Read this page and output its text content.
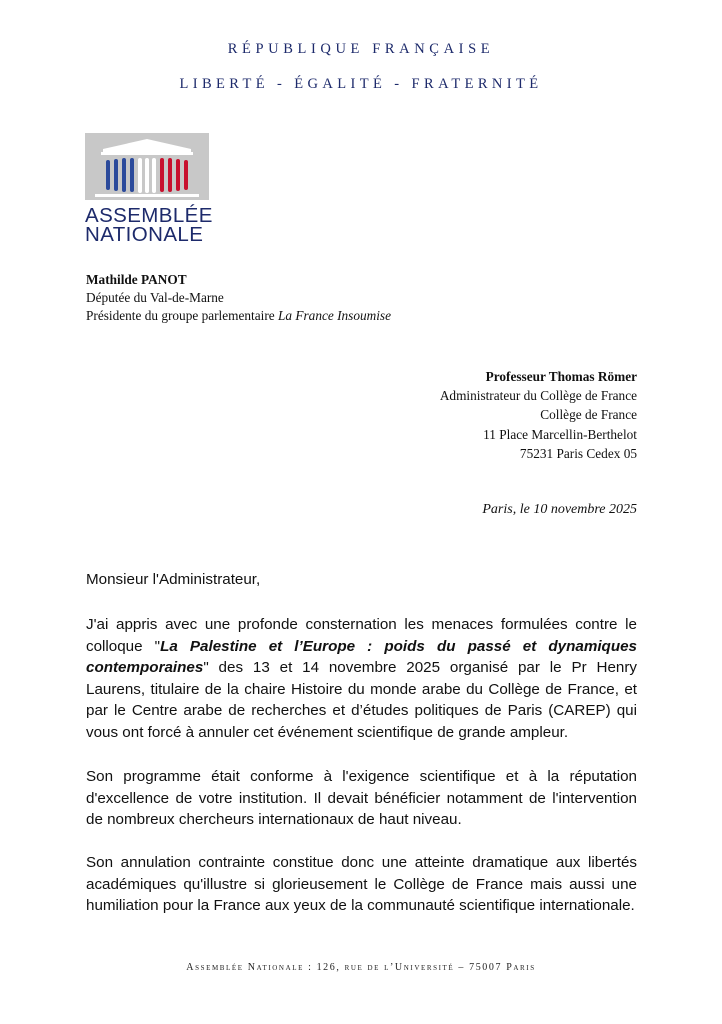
RÉPUBLIQUE FRANÇAISE
LIBERTÉ - ÉGALITÉ - FRATERNITÉ
ASSEMBLÉE
NATIONALE
Mathilde PANOT
Députée du Val-de-Marne
Présidente du groupe parlementaire La France Insoumise
Professeur Thomas Römer
Administrateur du Collège de France
Collège de France
11 Place Marcellin-Berthelot
75231 Paris Cedex 05
Paris, le 10 novembre 2025

Monsieur l'Administrateur,

J'ai appris avec une profonde consternation les menaces formulées contre le colloque "La Palestine et l’Europe : poids du passé et dynamiques contemporaines" des 13 et 14 novembre 2025 organisé par le Pr Henry Laurens, titulaire de la chaire Histoire du monde arabe du Collège de France, et par le Centre arabe de recherches et d’études politiques de Paris (CAREP) qui vous ont forcé à annuler cet événement scientifique de grande ampleur.

Son programme était conforme à l'exigence scientifique et à la réputation d'excellence de votre institution. Il devait bénéficier notamment de l'intervention de nombreux chercheurs internationaux de haut niveau.

Son annulation contrainte constitue donc une atteinte dramatique aux libertés académiques qu'illustre si glorieusement le Collège de France mais aussi une humiliation pour la France aux yeux de la communauté scientifique internationale.

Assemblée Nationale : 126, rue de l’Université – 75007 Paris
